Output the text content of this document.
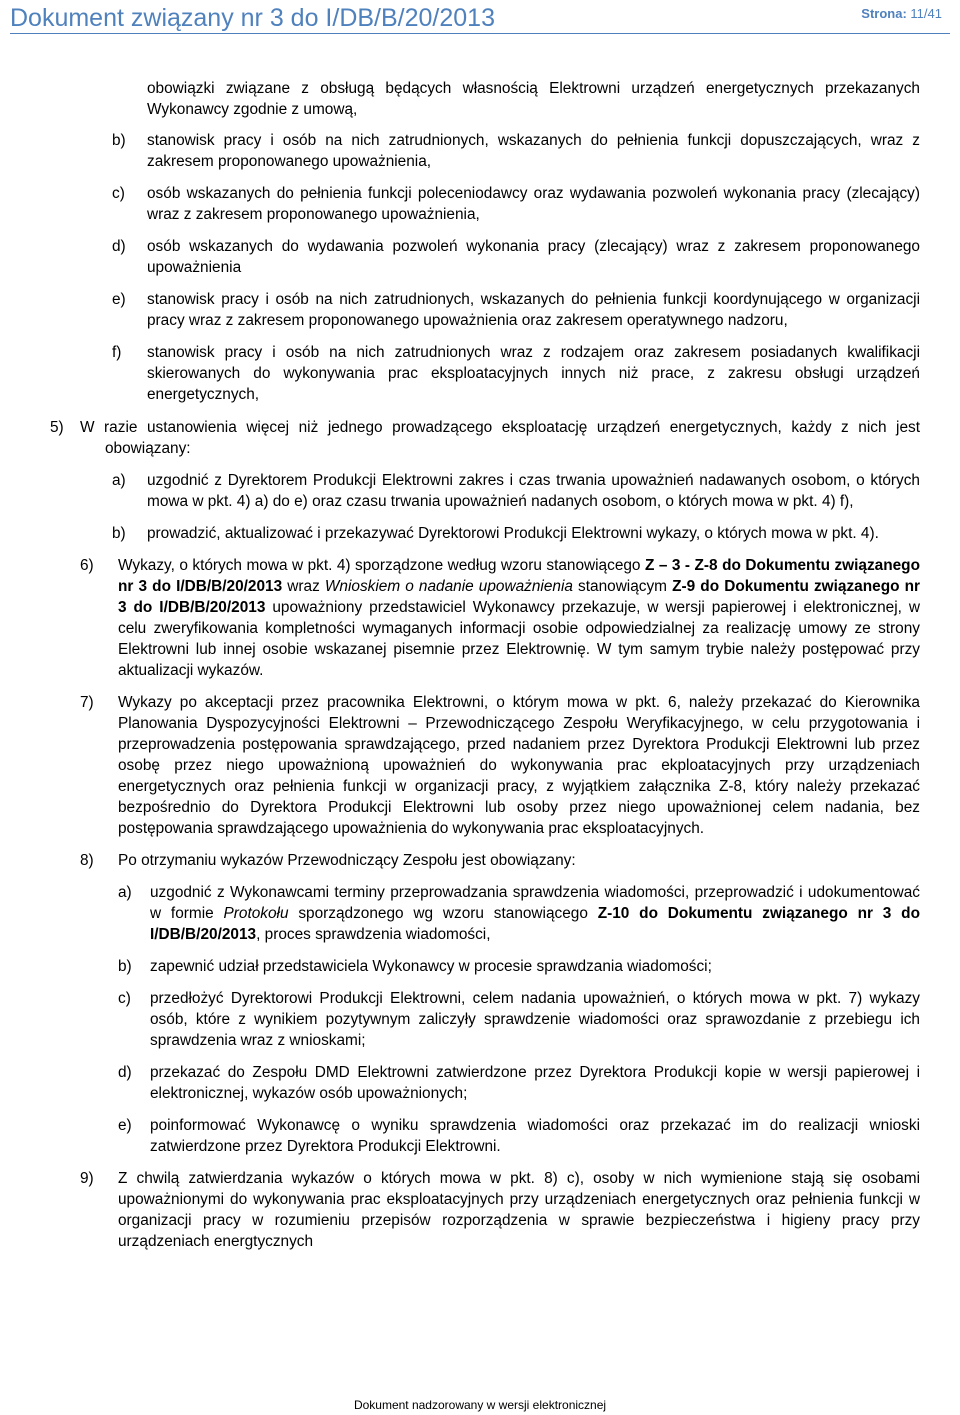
Dokument związany nr 3 do I/DB/B/20/2013	Strona: 11/41
obowiązki związane z obsługą będących własnością Elektrowni urządzeń energetycznych przekazanych Wykonawcy zgodnie z umową,
b) stanowisk pracy i osób na nich zatrudnionych, wskazanych do pełnienia funkcji dopuszczających, wraz z zakresem proponowanego upoważnienia,
c) osób wskazanych do pełnienia funkcji poleceniodawcy oraz wydawania pozwoleń wykonania pracy (zlecający) wraz z zakresem proponowanego upoważnienia,
d) osób wskazanych do wydawania pozwoleń wykonania pracy (zlecający) wraz z zakresem proponowanego upoważnienia
e) stanowisk pracy i osób na nich zatrudnionych, wskazanych do pełnienia funkcji koordynującego w organizacji pracy wraz z zakresem proponowanego upoważnienia oraz zakresem operatywnego nadzoru,
f) stanowisk pracy i osób na nich zatrudnionych wraz z rodzajem oraz zakresem posiadanych kwalifikacji skierowanych do wykonywania prac eksploatacyjnych innych niż prace, z zakresu obsługi urządzeń energetycznych,
5) W razie ustanowienia więcej niż jednego prowadzącego eksploatację urządzeń energetycznych, każdy z nich jest obowiązany:
a) uzgodnić z Dyrektorem Produkcji Elektrowni zakres i czas trwania upoważnień nadawanych osobom, o których mowa w pkt. 4) a) do e) oraz czasu trwania upoważnień nadanych osobom, o których mowa w pkt. 4) f),
b) prowadzić, aktualizować i przekazywać Dyrektorowi Produkcji Elektrowni wykazy, o których mowa w pkt. 4).
6) Wykazy, o których mowa w pkt. 4) sporządzone według wzoru stanowiącego Z – 3 - Z-8 do Dokumentu związanego nr 3 do I/DB/B/20/2013 wraz Wnioskiem o nadanie upoważnienia stanowiącym Z-9 do Dokumentu związanego nr 3 do I/DB/B/20/2013 upoważniony przedstawiciel Wykonawcy przekazuje, w wersji papierowej i elektronicznej, w celu zweryfikowania kompletności wymaganych informacji osobie odpowiedzialnej za realizację umowy ze strony Elektrowni lub innej osobie wskazanej pisemnie przez Elektrownię. W tym samym trybie należy postępować przy aktualizacji wykazów.
7) Wykazy po akceptacji przez pracownika Elektrowni, o którym mowa w pkt. 6, należy przekazać do Kierownika Planowania Dyspozycyjności Elektrowni – Przewodniczącego Zespołu Weryfikacyjnego, w celu przygotowania i przeprowadzenia postępowania sprawdzającego, przed nadaniem przez Dyrektora Produkcji Elektrowni lub przez osobę przez niego upoważnioną upoważnień do wykonywania prac ekploatacyjnych przy urządzeniach energetycznych oraz pełnienia funkcji w organizacji pracy, z wyjątkiem załącznika Z-8, który należy przekazać bezpośrednio do Dyrektora Produkcji Elektrowni lub osoby przez niego upoważnionej celem nadania, bez postępowania sprawdzającego upoważnienia do wykonywania prac eksploatacyjnych.
8) Po otrzymaniu wykazów Przewodniczący Zespołu jest obowiązany:
a) uzgodnić z Wykonawcami terminy przeprowadzania sprawdzenia wiadomości, przeprowadzić i udokumentować w formie Protokołu sporządzonego wg wzoru stanowiącego Z-10 do Dokumentu związanego nr 3 do I/DB/B/20/2013, proces sprawdzenia wiadomości,
b) zapewnić udział przedstawiciela Wykonawcy w procesie sprawdzania wiadomości;
c) przedłożyć Dyrektorowi Produkcji Elektrowni, celem nadania upoważnień, o których mowa w pkt. 7) wykazy osób, które z wynikiem pozytywnym zaliczyły sprawdzenie wiadomości oraz sprawozdanie z przebiegu ich sprawdzenia wraz z wnioskami;
d) przekazać do Zespołu DMD Elektrowni zatwierdzone przez Dyrektora Produkcji kopie w wersji papierowej i elektronicznej, wykazów osób upoważnionych;
e) poinformować Wykonawcę o wyniku sprawdzenia wiadomości oraz przekazać im do realizacji wnioski zatwierdzone przez Dyrektora Produkcji Elektrowni.
9) Z chwilą zatwierdzania wykazów o których mowa w pkt. 8) c), osoby w nich wymienione stają się osobami upoważnionymi do wykonywania prac eksploatacyjnych przy urządzeniach energetycznych oraz pełnienia funkcji w organizacji pracy w rozumieniu przepisów rozporządzenia w sprawie bezpieczeństwa i higieny pracy przy urządzeniach energtycznych
Dokument nadzorowany w wersji elektronicznej
